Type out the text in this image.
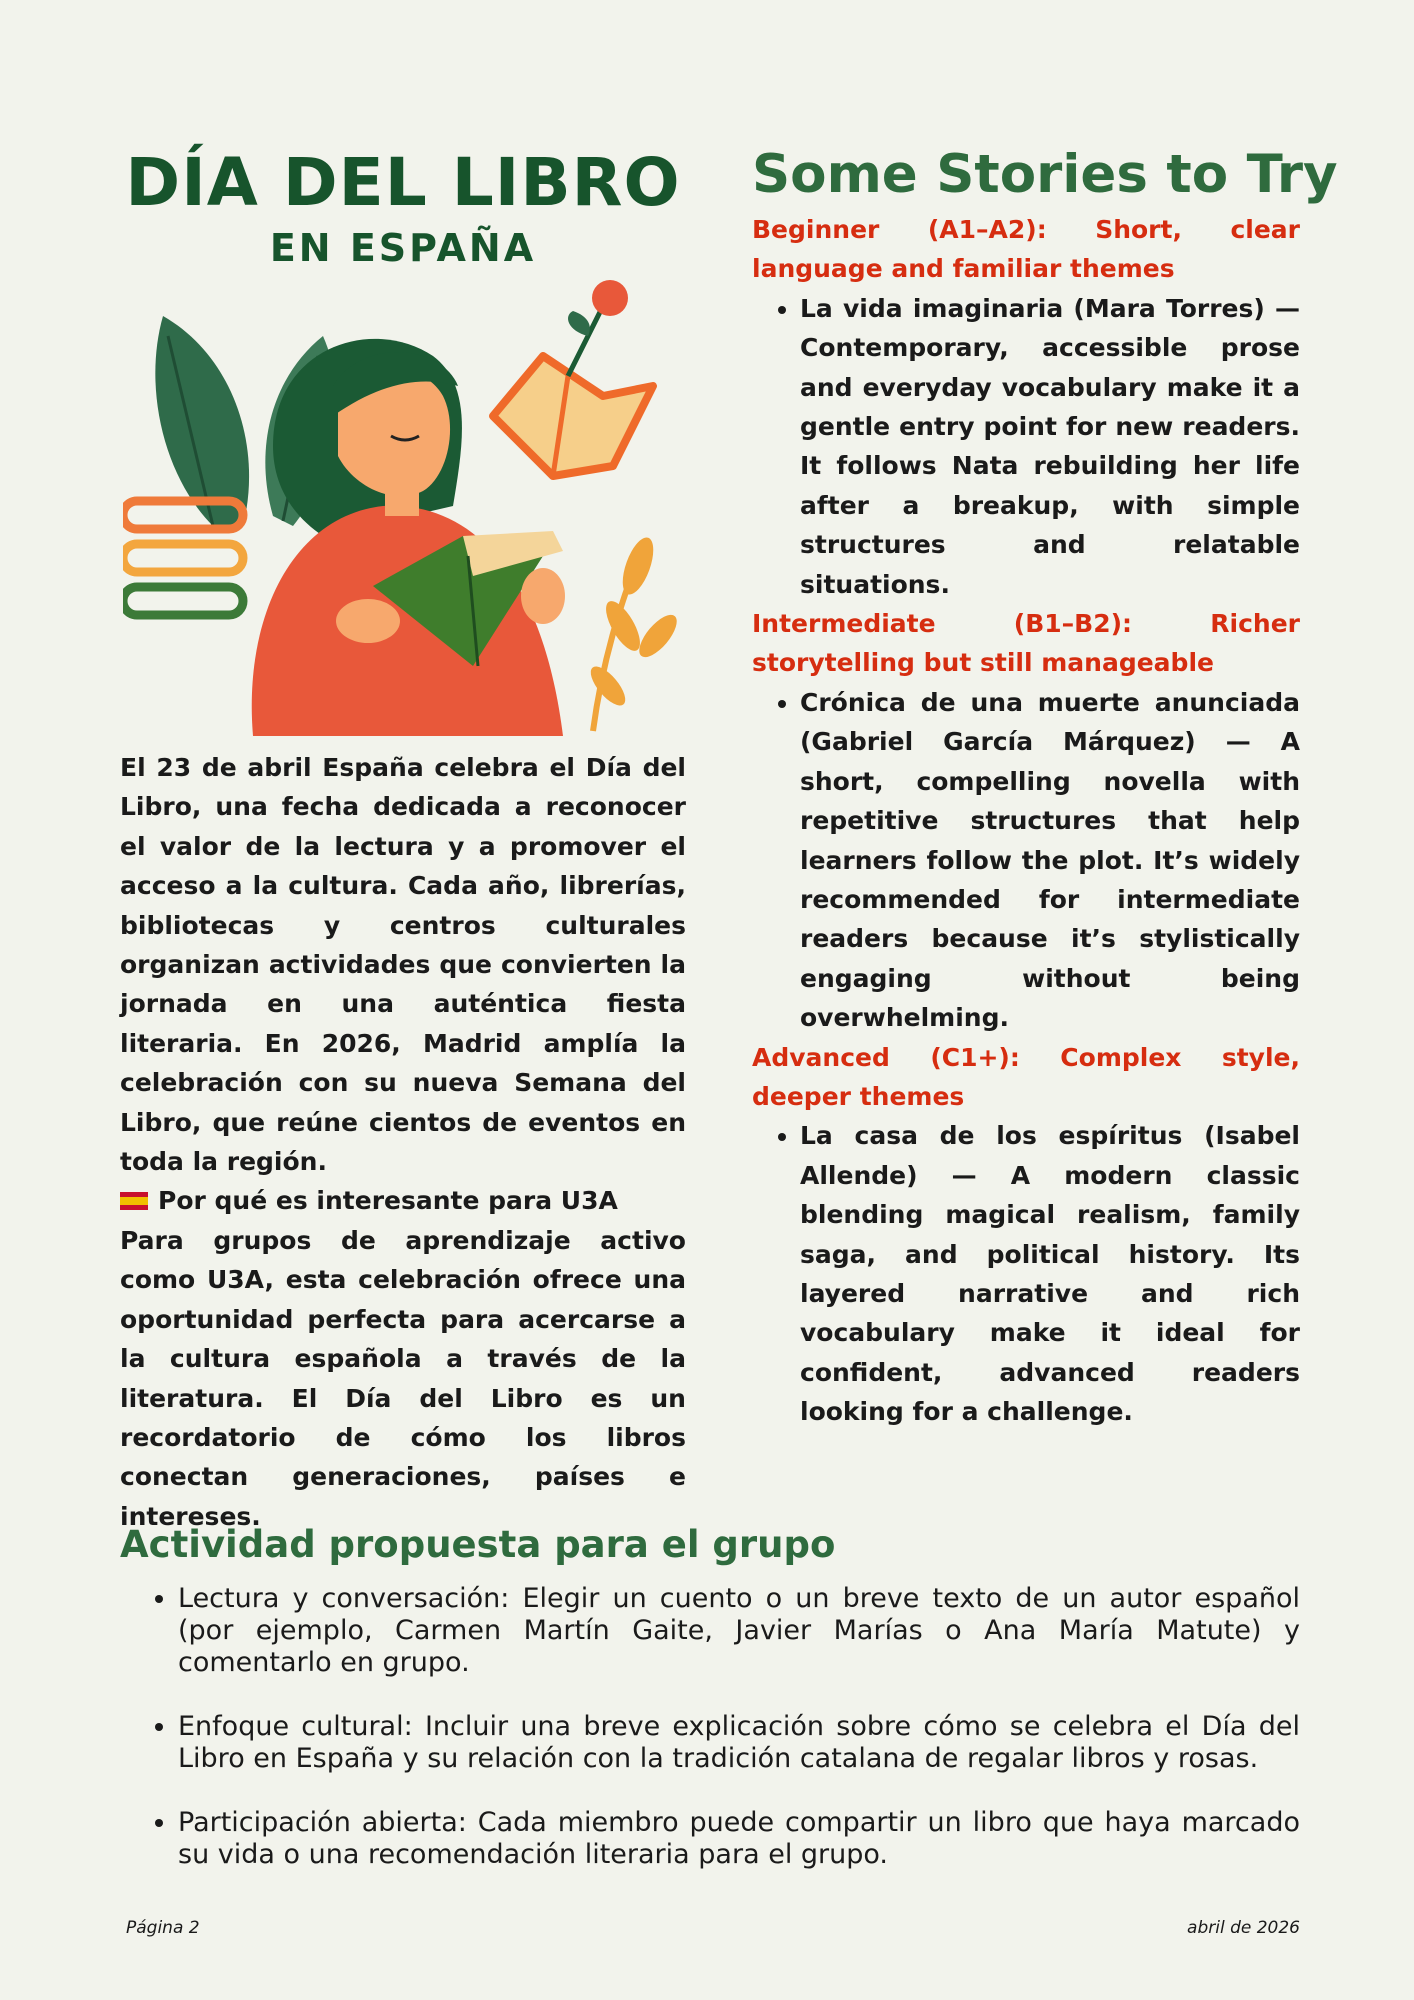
DÍA DEL LIBRO
EN ESPAÑA

El 23 de abril España celebra el Día del Libro, una fecha dedicada a reconocer el valor de la lectura y a promover el acceso a la cultura. Cada año, librerías, bibliotecas y centros culturales organizan actividades que convierten la jornada en una auténtica fiesta literaria. En 2026, Madrid amplía la celebración con su nueva Semana del Libro, que reúne cientos de eventos en toda la región.

Por qué es interesante para U3A

Para grupos de aprendizaje activo como U3A, esta celebración ofrece una oportunidad perfecta para acercarse a la cultura española a través de la literatura. El Día del Libro es un recordatorio de cómo los libros conectan generaciones, países e intereses.

Some Stories to Try

Beginner (A1–A2): Short, clear language and familiar themes

• La vida imaginaria (Mara Torres) — Contemporary, accessible prose and everyday vocabulary make it a gentle entry point for new readers. It follows Nata rebuilding her life after a breakup, with simple structures and relatable situations.

Intermediate (B1–B2): Richer storytelling but still manageable

• Crónica de una muerte anunciada (Gabriel García Márquez) — A short, compelling novella with repetitive structures that help learners follow the plot. It’s widely recommended for intermediate readers because it’s stylistically engaging without being overwhelming.

Advanced (C1+): Complex style, deeper themes

• La casa de los espíritus (Isabel Allende) — A modern classic blending magical realism, family saga, and political history. Its layered narrative and rich vocabulary make it ideal for confident, advanced readers looking for a challenge.
Actividad propuesta para el grupo
• Lectura y conversación: Elegir un cuento o un breve texto de un autor español (por ejemplo, Carmen Martín Gaite, Javier Marías o Ana María Matute) y comentarlo en grupo.
• Enfoque cultural: Incluir una breve explicación sobre cómo se celebra el Día del Libro en España y su relación con la tradición catalana de regalar libros y rosas.
• Participación abierta: Cada miembro puede compartir un libro que haya marcado su vida o una recomendación literaria para el grupo.
Página 2	abril de 2026
